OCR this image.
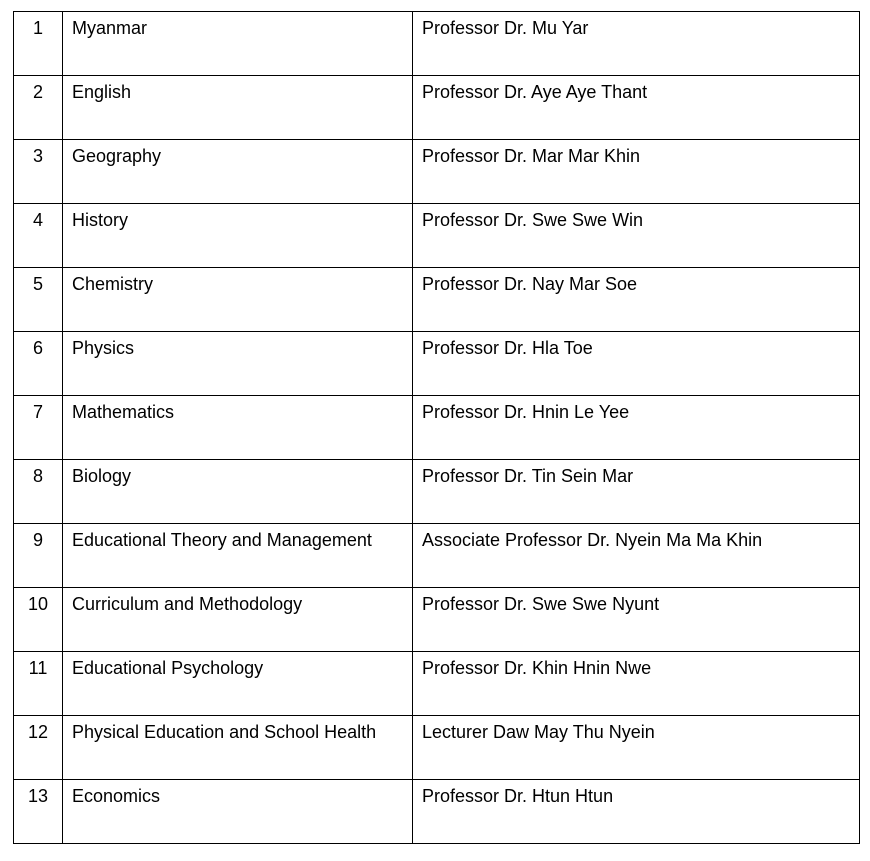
1	Myanmar	Professor Dr. Mu Yar
2	English	Professor Dr. Aye Aye Thant
3	Geography	Professor Dr. Mar Mar Khin
4	History	Professor Dr. Swe Swe Win
5	Chemistry	Professor Dr. Nay Mar Soe
6	Physics	Professor Dr. Hla Toe
7	Mathematics	Professor Dr. Hnin Le Yee
8	Biology	Professor Dr. Tin Sein Mar
9	Educational Theory and Management	Associate Professor Dr. Nyein Ma Ma Khin
10	Curriculum and Methodology	Professor Dr. Swe Swe Nyunt
11	Educational Psychology	Professor Dr. Khin Hnin Nwe
12	Physical Education and School Health	Lecturer Daw May Thu Nyein
13	Economics	Professor Dr. Htun Htun
